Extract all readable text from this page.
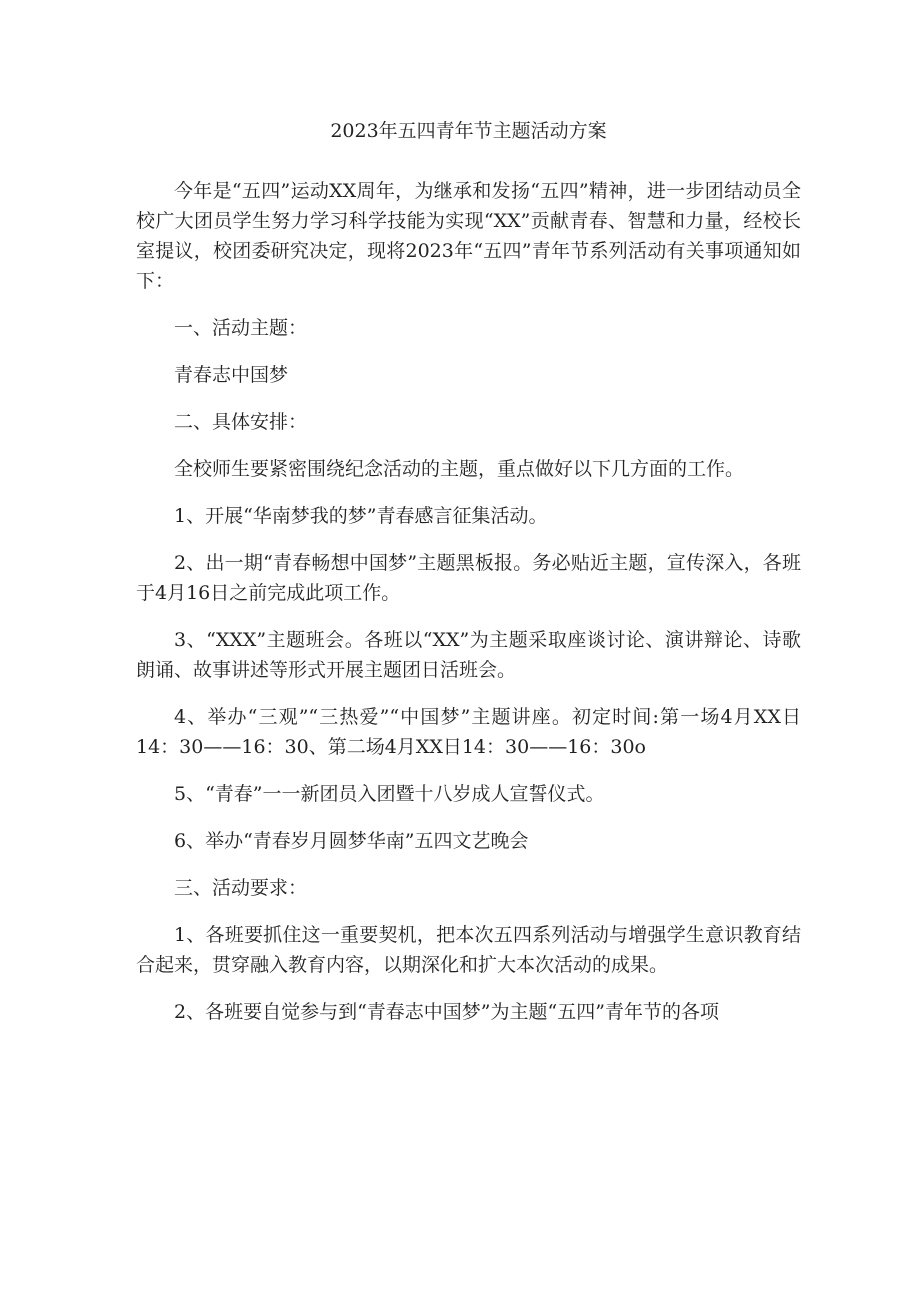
2023年五四青年节主题活动方案

今年是“五四”运动XX周年，为继承和发扬“五四”精神，进一步团结动员全校广大团员学生努力学习科学技能为实现“XX”贡献青春、智慧和力量，经校长室提议，校团委研究决定，现将2023年“五四”青年节系列活动有关事项通知如下：

一、活动主题：

青春志中国梦

二、具体安排：

全校师生要紧密围绕纪念活动的主题，重点做好以下几方面的工作。

1、开展“华南梦我的梦”青春感言征集活动。

2、出一期“青春畅想中国梦”主题黑板报。务必贴近主题，宣传深入，各班于4月16日之前完成此项工作。

3、“XXX”主题班会。各班以“XX”为主题采取座谈讨论、演讲辩论、诗歌朗诵、故事讲述等形式开展主题团日活班会。

4、举办“三观”“三热爱”“中国梦”主题讲座。初定时间:第一场4月XX日14：30——16：30、第二场4月XX日14：30——16：30o

5、“青春”一一新团员入团暨十八岁成人宣誓仪式。

6、举办“青春岁月圆梦华南”五四文艺晚会

三、活动要求：

1、各班要抓住这一重要契机，把本次五四系列活动与增强学生意识教育结合起来，贯穿融入教育内容，以期深化和扩大本次活动的成果。

2、各班要自觉参与到“青春志中国梦”为主题“五四”青年节的各项
